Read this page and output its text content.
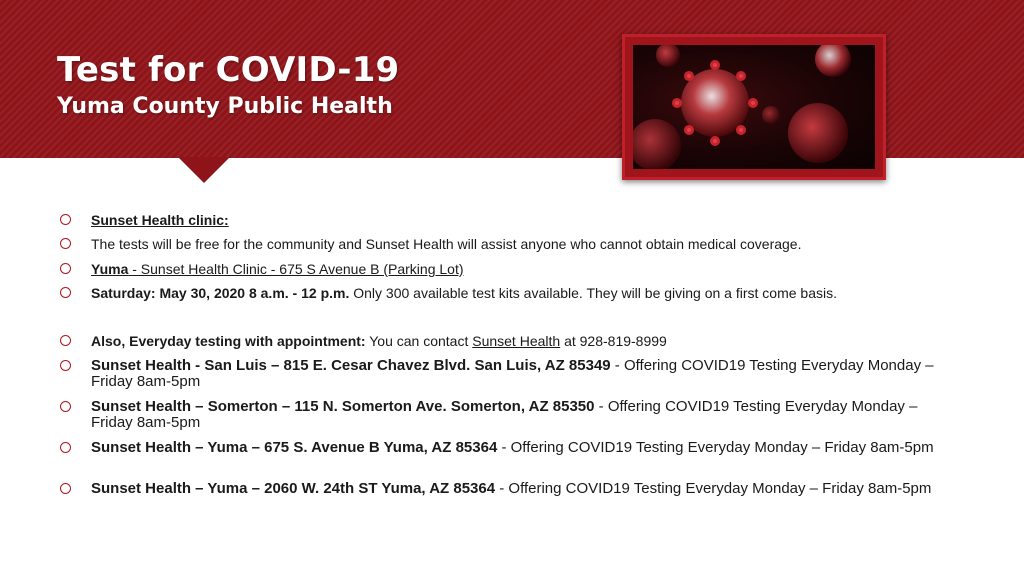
Test for COVID-19
Yuma County Public Health
Sunset Health clinic:
The tests will be free for the community and Sunset Health will assist anyone who cannot obtain medical coverage.
Yuma - Sunset Health Clinic - 675 S Avenue B (Parking Lot)
Saturday: May 30, 2020 8 a.m. - 12 p.m. Only 300 available test kits available. They will be giving on a first come basis.
Also, Everyday testing with appointment: You can contact Sunset Health at 928-819-8999
Sunset Health - San Luis – 815 E. Cesar Chavez Blvd. San Luis, AZ 85349 - Offering COVID19 Testing Everyday Monday – Friday 8am-5pm
Sunset Health – Somerton – 115 N. Somerton Ave. Somerton, AZ 85350 - Offering COVID19 Testing Everyday Monday – Friday 8am-5pm
Sunset Health – Yuma – 675 S. Avenue B Yuma, AZ 85364 - Offering COVID19 Testing Everyday Monday – Friday 8am-5pm
Sunset Health – Yuma – 2060 W. 24th ST Yuma, AZ 85364 - Offering COVID19 Testing Everyday Monday – Friday 8am-5pm
